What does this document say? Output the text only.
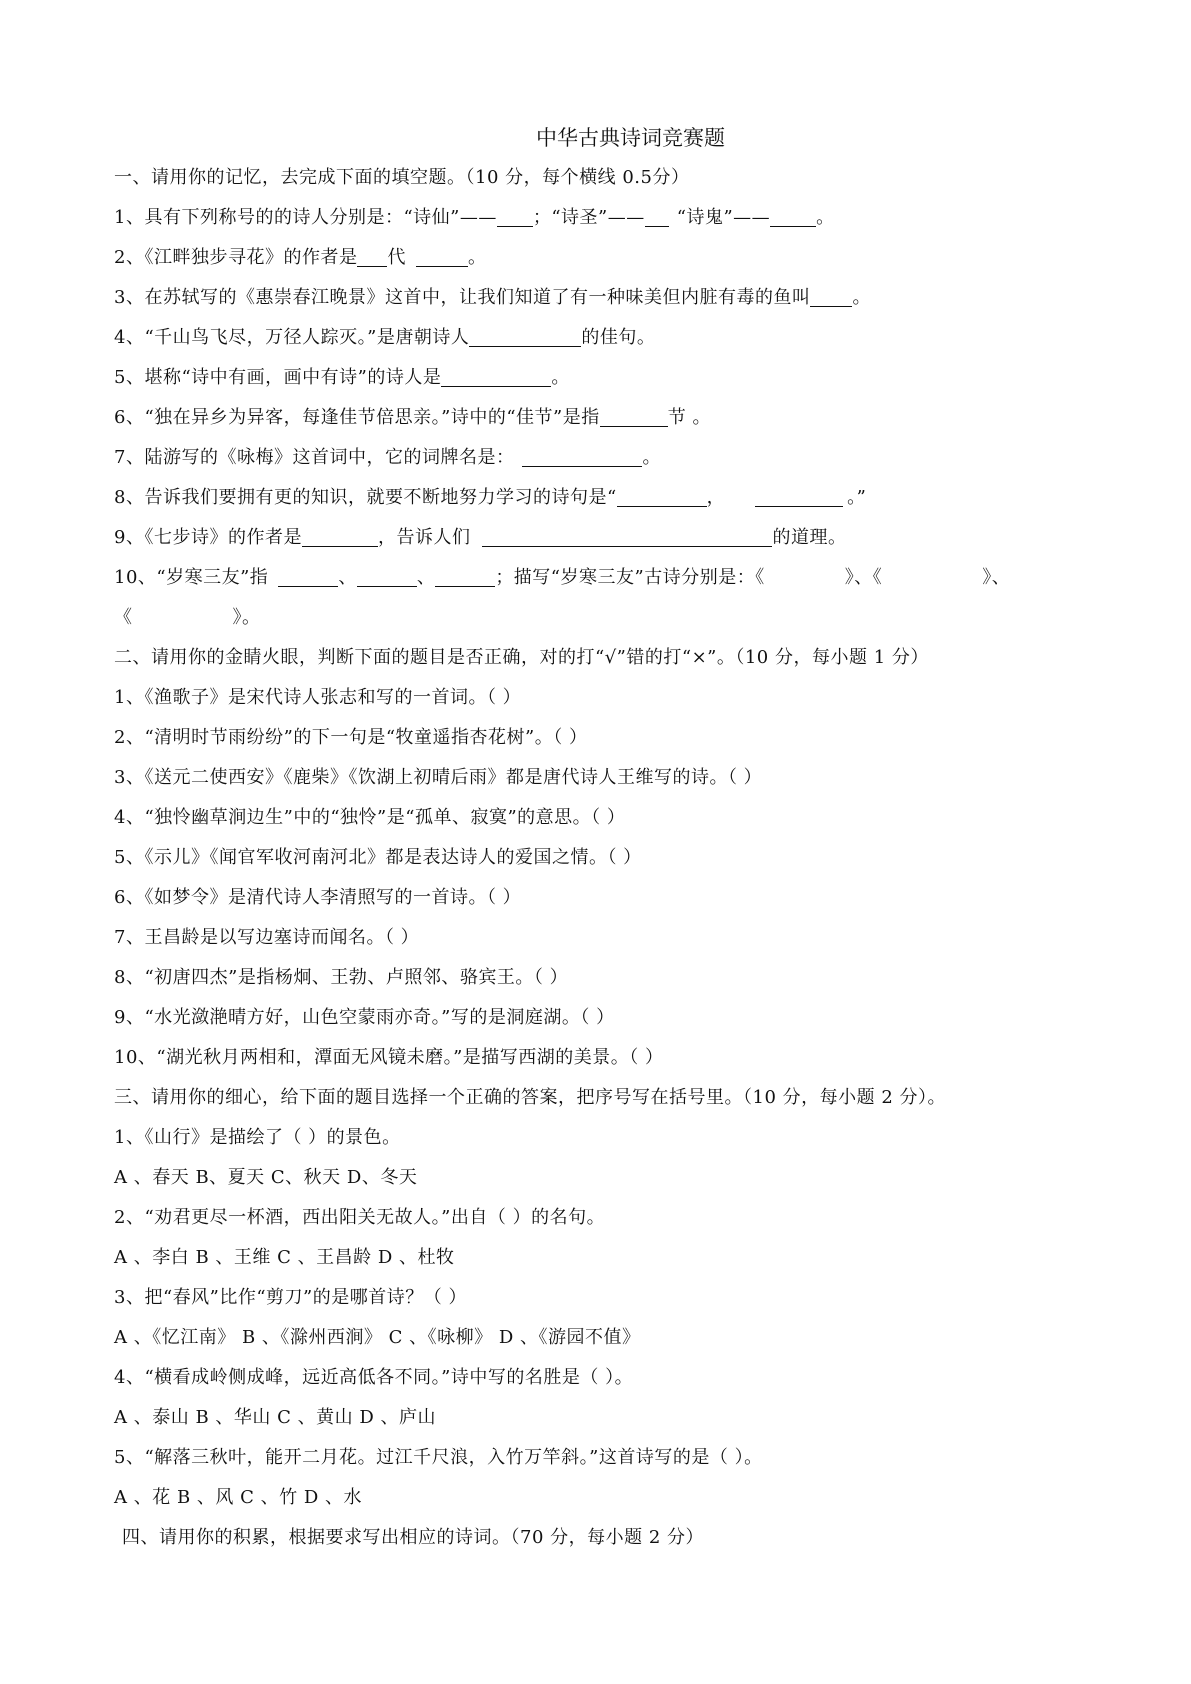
中华古典诗词竞赛题
一、请用你的记忆，去完成下面的填空题。（10 分，每个横线 0.5分）
1、具有下列称号的的诗人分别是：“诗仙”—— ；“诗圣”—— “诗鬼”——	。
2、《江畔独步寻花》的作者是 代	。
3、在苏轼写的《惠崇春江晚景》这首中，让我们知道了有一种味美但内脏有毒的鱼叫 。
4、“千山鸟飞尽，万径人踪灭。”是唐朝诗人	的佳句。
5、堪称“诗中有画，画中有诗”的诗人是	。
6、“独在异乡为异客，每逢佳节倍思亲。”诗中的“佳节”是指	节 。
7、陆游写的《咏梅》这首词中，它的词牌名是：	。
8、告诉我们要拥有更的知识，就要不断地努力学习的诗句是“	，	。”
9、《七步诗》的作者是	，告诉人们	的道理。
10、“岁寒三友”指	、	、	；描写“岁寒三友”古诗分别是：《	》、《	》、
《	》。
二、请用你的金睛火眼，判断下面的题目是否正确，对的打“√”错的打“×”。（10 分，每小题 1 分）
1、《渔歌子》是宋代诗人张志和写的一首词。（ ）
2、“清明时节雨纷纷”的下一句是“牧童遥指杏花树”。（ ）
3、《送元二使西安》《鹿柴》《饮湖上初晴后雨》都是唐代诗人王维写的诗。（ ）
4、“独怜幽草涧边生”中的“独怜”是“孤单、寂寞”的意思。（ ）
5、《示儿》《闻官军收河南河北》都是表达诗人的爱国之情。（ ）
6、《如梦令》是清代诗人李清照写的一首诗。（ ）
7、王昌龄是以写边塞诗而闻名。（ ）
8、“初唐四杰”是指杨炯、王勃、卢照邻、骆宾王。（ ）
9、“水光潋滟晴方好，山色空蒙雨亦奇。”写的是洞庭湖。（ ）
10、“湖光秋月两相和，潭面无风镜未磨。”是描写西湖的美景。（ ）
三、请用你的细心，给下面的题目选择一个正确的答案，把序号写在括号里。（10 分，每小题 2 分）。
1、《山行》是描绘了（ ）的景色。
A 、春天 B、夏天 C、秋天 D、冬天
2、“劝君更尽一杯酒，西出阳关无故人。”出自（ ）的名句。
A 、李白 B 、王维 C 、王昌龄 D 、杜牧
3、把“春风”比作“剪刀”的是哪首诗？（ ）
A 、《忆江南》 B 、《滁州西涧》 C 、《咏柳》 D 、《游园不值》
4、“横看成岭侧成峰，远近高低各不同。”诗中写的名胜是（ ）。
A 、泰山 B 、华山 C 、黄山 D 、庐山
5、“解落三秋叶，能开二月花。过江千尺浪，入竹万竿斜。”这首诗写的是（ ）。
A 、花 B 、风 C 、竹 D 、水
四、请用你的积累，根据要求写出相应的诗词。（70 分，每小题 2 分）
